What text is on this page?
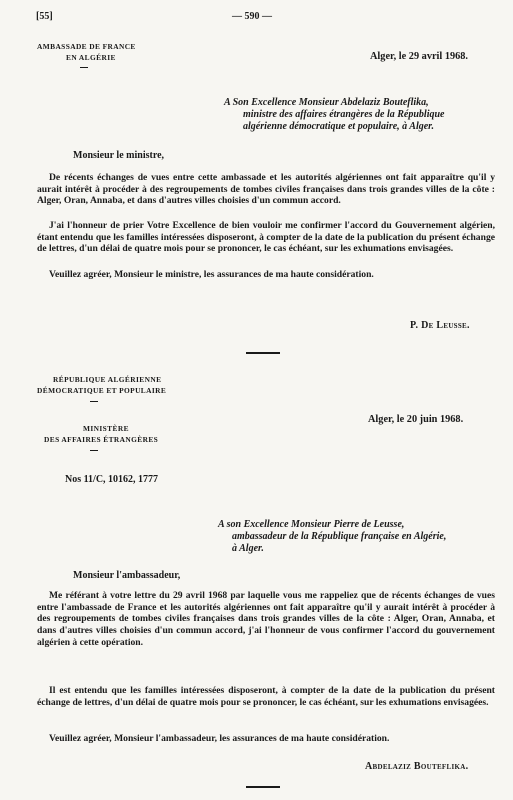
[55]	— 590 —
AMBASSADE DE FRANCE
EN ALGÉRIE	Alger, le 29 avril 1968.
A Son Excellence Monsieur Abdelaziz Bouteflika,
ministre des affaires étrangères de la République
algérienne démocratique et populaire, à Alger.
Monsieur le ministre,
De récents échanges de vues entre cette ambassade et les autorités algériennes ont fait apparaître qu'il y aurait intérêt à procéder à des regroupements de tombes civiles françaises dans trois grandes villes de la côte : Alger, Oran, Annaba, et dans d'autres villes choisies d'un commun accord.
J'ai l'honneur de prier Votre Excellence de bien vouloir me confirmer l'accord du Gouvernement algérien, étant entendu que les familles intéressées disposeront, à compter de la date de la publication du présent échange de lettres, d'un délai de quatre mois pour se prononcer, le cas échéant, sur les exhumations envisagées.
Veuillez agréer, Monsieur le ministre, les assurances de ma haute considération.
P. De Leusse.
RÉPUBLIQUE ALGÉRIENNE
DÉMOCRATIQUE ET POPULAIRE
MINISTÈRE
DES AFFAIRES ÉTRANGÈRES
Alger, le 20 juin 1968.
Nos 11/C, 10162, 1777
A son Excellence Monsieur Pierre de Leusse,
ambassadeur de la République française en Algérie,
à Alger.
Monsieur l'ambassadeur,
Me référant à votre lettre du 29 avril 1968 par laquelle vous me rappeliez que de récents échanges de vues entre l'ambassade de France et les autorités algériennes ont fait apparaître qu'il y aurait intérêt à procéder à des regroupements de tombes civiles françaises dans trois grandes villes de la côte : Alger, Oran, Annaba, et dans d'autres villes choisies d'un commun accord, j'ai l'honneur de vous confirmer l'accord du gouvernement algérien à cette opération.
Il est entendu que les familles intéressées disposeront, à compter de la date de la publication du présent échange de lettres, d'un délai de quatre mois pour se prononcer, le cas échéant, sur les exhumations envisagées.
Veuillez agréer, Monsieur l'ambassadeur, les assurances de ma haute considération.
Abdelaziz Bouteflika.
